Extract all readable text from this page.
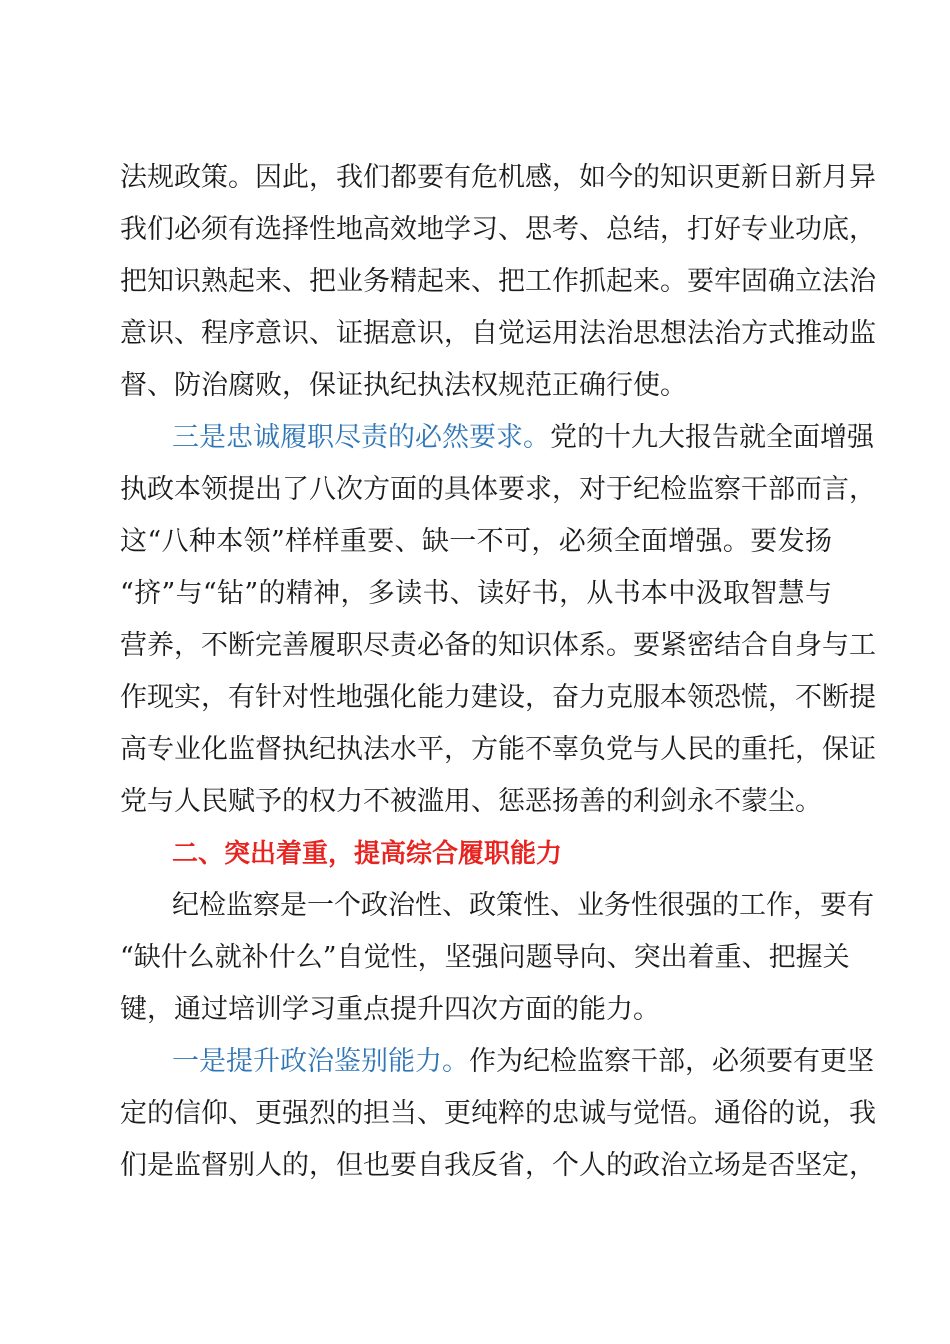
法规政策。因此，我们都要有危机感，如今的知识更新日新月异
我们必须有选择性地高效地学习、思考、总结，打好专业功底，
把知识熟起来、把业务精起来、把工作抓起来。要牢固确立法治
意识、程序意识、证据意识，自觉运用法治思想法治方式推动监
督、防治腐败，保证执纪执法权规范正确行使。
三是忠诚履职尽责的必然要求。党的十九大报告就全面增强
执政本领提出了八次方面的具体要求，对于纪检监察干部而言，
这“八种本领”样样重要、缺一不可，必须全面增强。要发扬
“挤”与“钻”的精神，多读书、读好书，从书本中汲取智慧与
营养，不断完善履职尽责必备的知识体系。要紧密结合自身与工
作现实，有针对性地强化能力建设，奋力克服本领恐慌，不断提
高专业化监督执纪执法水平，方能不辜负党与人民的重托，保证
党与人民赋予的权力不被滥用、惩恶扬善的利剑永不蒙尘。
二、突出着重，提高综合履职能力
纪检监察是一个政治性、政策性、业务性很强的工作，要有
“缺什么就补什么”自觉性，坚强问题导向、突出着重、把握关
键，通过培训学习重点提升四次方面的能力。
一是提升政治鉴别能力。作为纪检监察干部，必须要有更坚
定的信仰、更强烈的担当、更纯粹的忠诚与觉悟。通俗的说，我
们是监督别人的，但也要自我反省，个人的政治立场是否坚定，
